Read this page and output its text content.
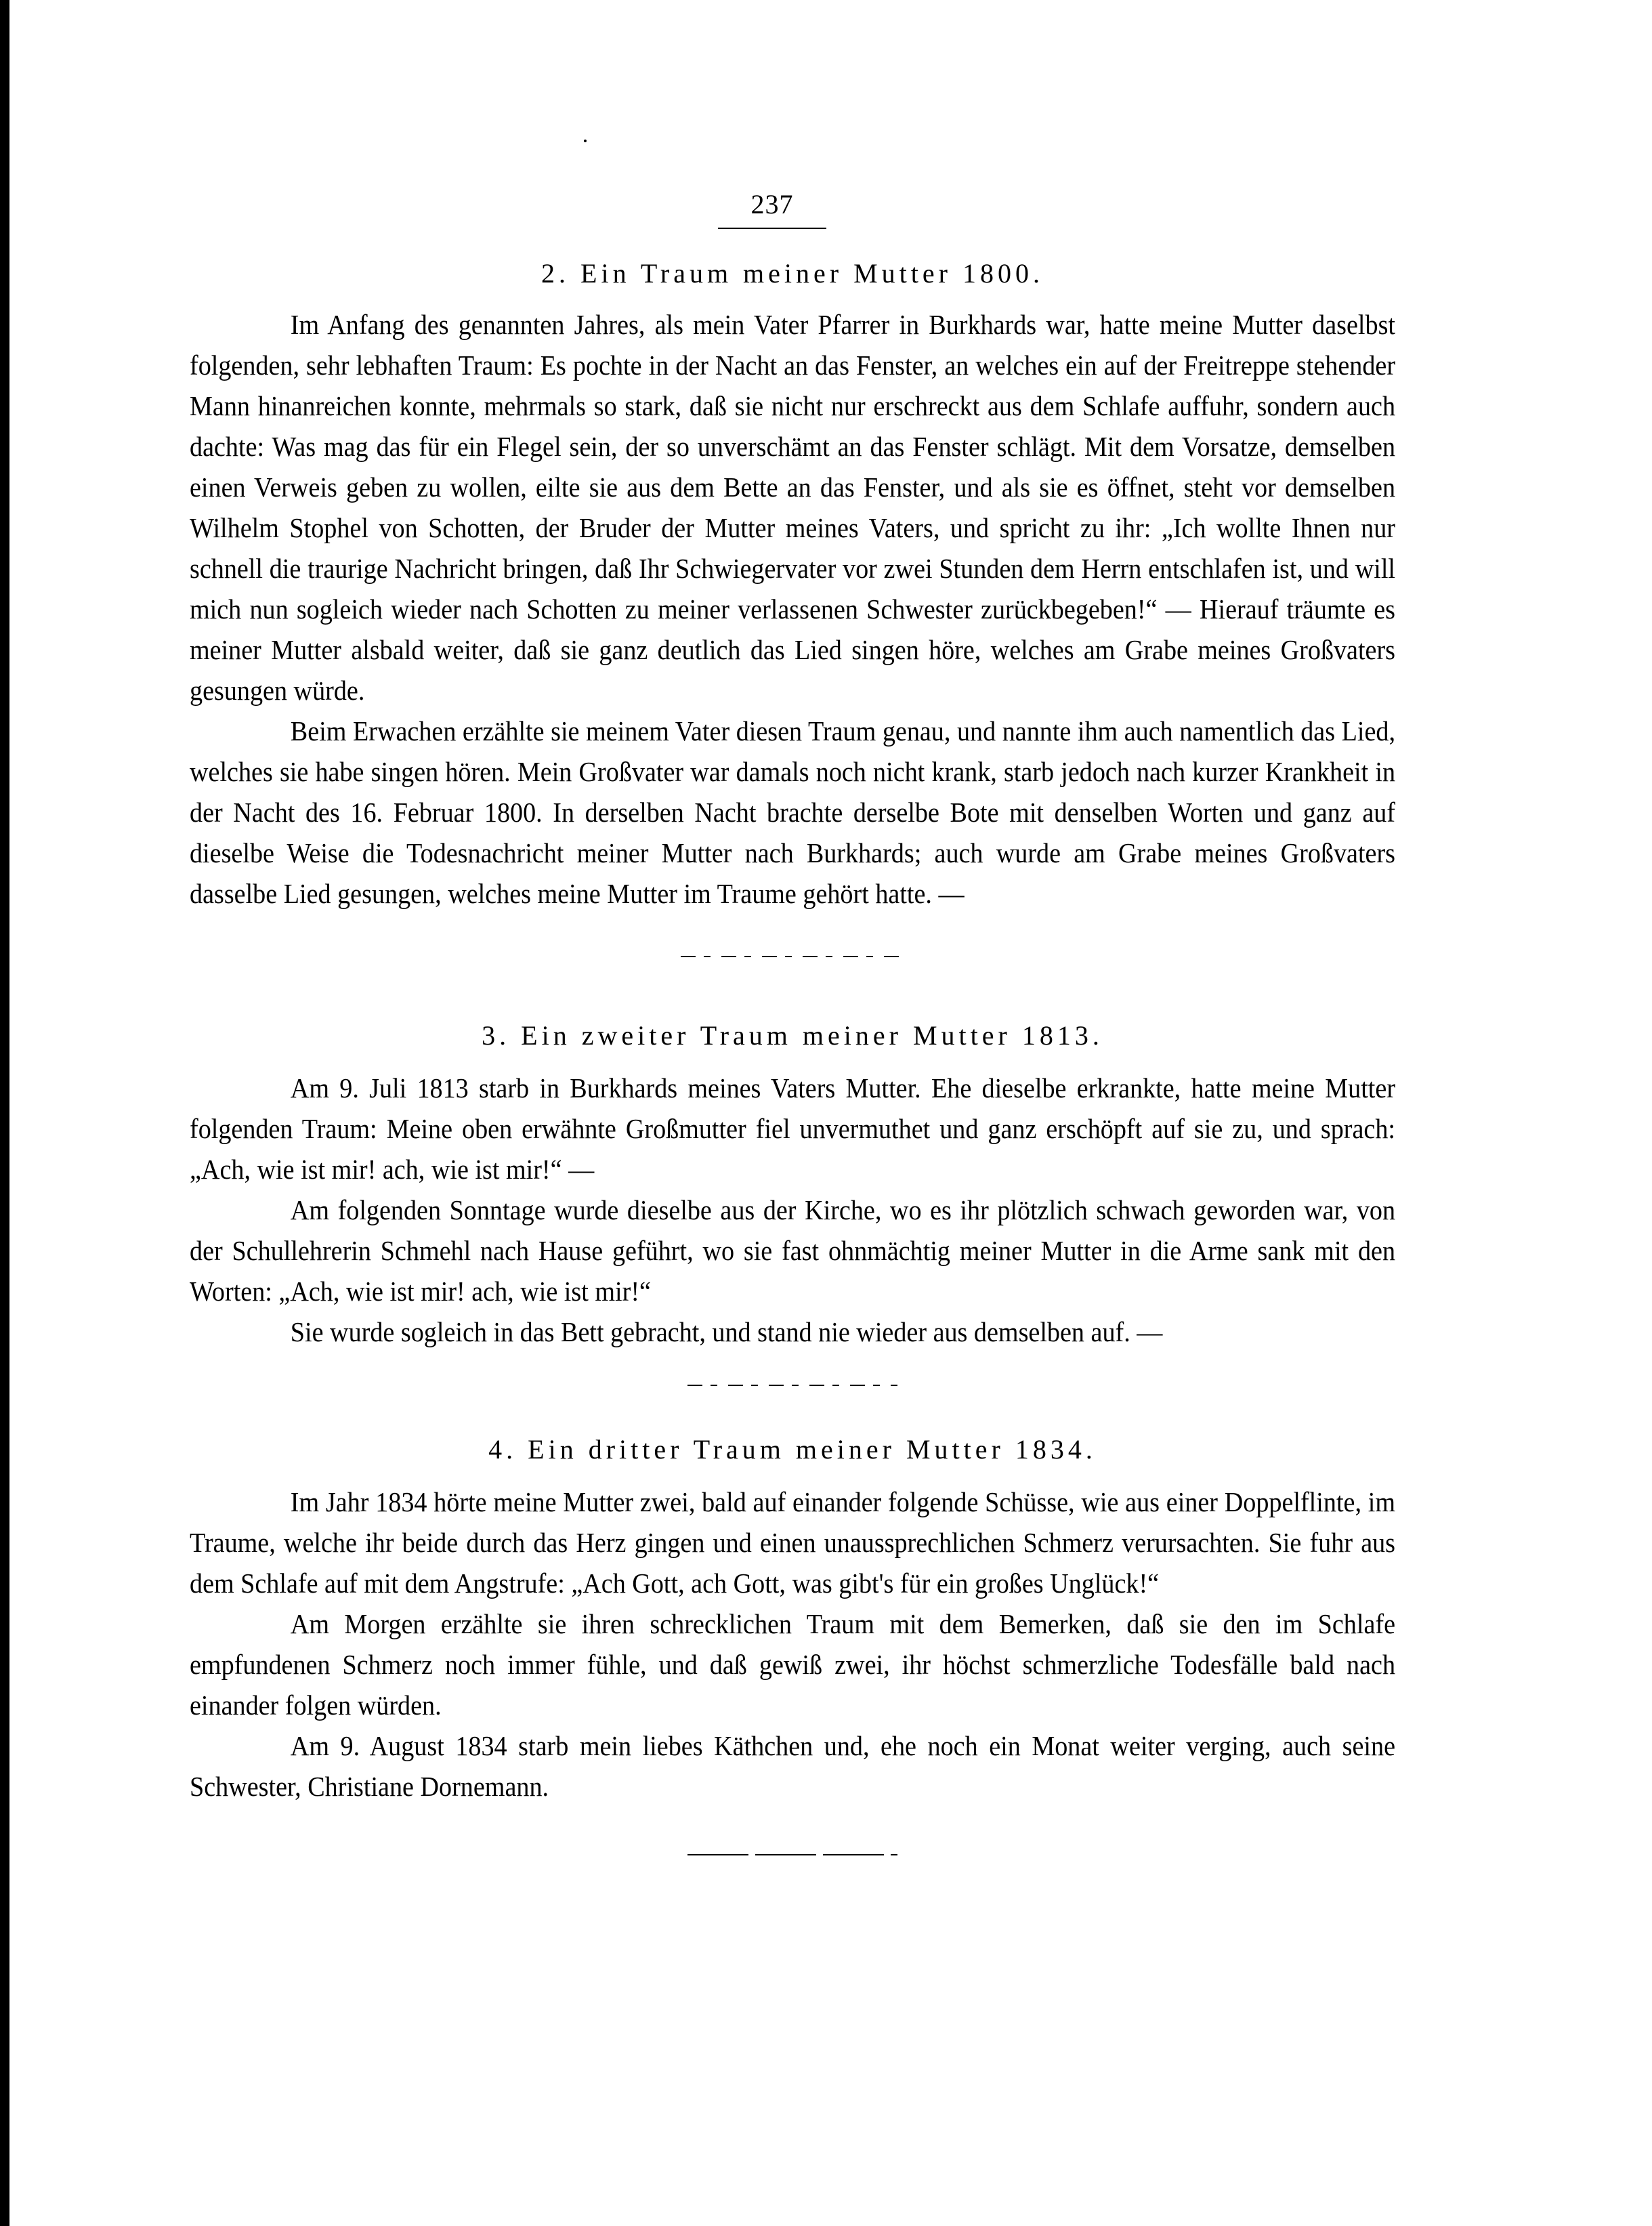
237
2. Ein Traum meiner Mutter 1800.

Im Anfang des genannten Jahres, als mein Vater Pfarrer in Burkhards war, hatte meine Mutter daselbst folgenden, sehr lebhaften Traum: Es pochte in der Nacht an das Fenster, an welches ein auf der Freitreppe stehender Mann hinanreichen konnte, mehrmals so stark, daß sie nicht nur erschreckt aus dem Schlafe auffuhr, sondern auch dachte: Was mag das für ein Flegel sein, der so unverschämt an das Fenster schlägt. Mit dem Vorsatze, demselben einen Verweis geben zu wollen, eilte sie aus dem Bette an das Fenster, und als sie es öffnet, steht vor demselben Wilhelm Stophel von Schotten, der Bruder der Mutter meines Vaters, und spricht zu ihr: „Ich wollte Ihnen nur schnell die traurige Nachricht bringen, daß Ihr Schwiegervater vor zwei Stunden dem Herrn entschlafen ist, und will mich nun sogleich wieder nach Schotten zu meiner verlassenen Schwester zurückbegeben!“ — Hierauf träumte es meiner Mutter alsbald weiter, daß sie ganz deutlich das Lied singen höre, welches am Grabe meines Großvaters gesungen würde.

Beim Erwachen erzählte sie meinem Vater diesen Traum genau, und nannte ihm auch namentlich das Lied, welches sie habe singen hören. Mein Großvater war damals noch nicht krank, starb jedoch nach kurzer Krankheit in der Nacht des 16. Februar 1800. In derselben Nacht brachte derselbe Bote mit denselben Worten und ganz auf dieselbe Weise die Todesnachricht meiner Mutter nach Burkhards; auch wurde am Grabe meines Großvaters dasselbe Lied gesungen, welches meine Mutter im Traume gehört hatte. —

3. Ein zweiter Traum meiner Mutter 1813.

Am 9. Juli 1813 starb in Burkhards meines Vaters Mutter. Ehe dieselbe erkrankte, hatte meine Mutter folgenden Traum: Meine oben erwähnte Großmutter fiel unvermuthet und ganz erschöpft auf sie zu, und sprach: „Ach, wie ist mir! ach, wie ist mir!“ —

Am folgenden Sonntage wurde dieselbe aus der Kirche, wo es ihr plötzlich schwach geworden war, von der Schullehrerin Schmehl nach Hause geführt, wo sie fast ohnmächtig meiner Mutter in die Arme sank mit den Worten: „Ach, wie ist mir! ach, wie ist mir!“

Sie wurde sogleich in das Bett gebracht, und stand nie wieder aus demselben auf. —

4. Ein dritter Traum meiner Mutter 1834.

Im Jahr 1834 hörte meine Mutter zwei, bald auf einander folgende Schüsse, wie aus einer Doppelflinte, im Traume, welche ihr beide durch das Herz gingen und einen unaussprechlichen Schmerz verursachten. Sie fuhr aus dem Schlafe auf mit dem Angstrufe: „Ach Gott, ach Gott, was gibt's für ein großes Unglück!“

Am Morgen erzählte sie ihren schrecklichen Traum mit dem Bemerken, daß sie den im Schlafe empfundenen Schmerz noch immer fühle, und daß gewiß zwei, ihr höchst schmerzliche Todesfälle bald nach einander folgen würden.

Am 9. August 1834 starb mein liebes Käthchen und, ehe noch ein Monat weiter verging, auch seine Schwester, Christiane Dornemann.
